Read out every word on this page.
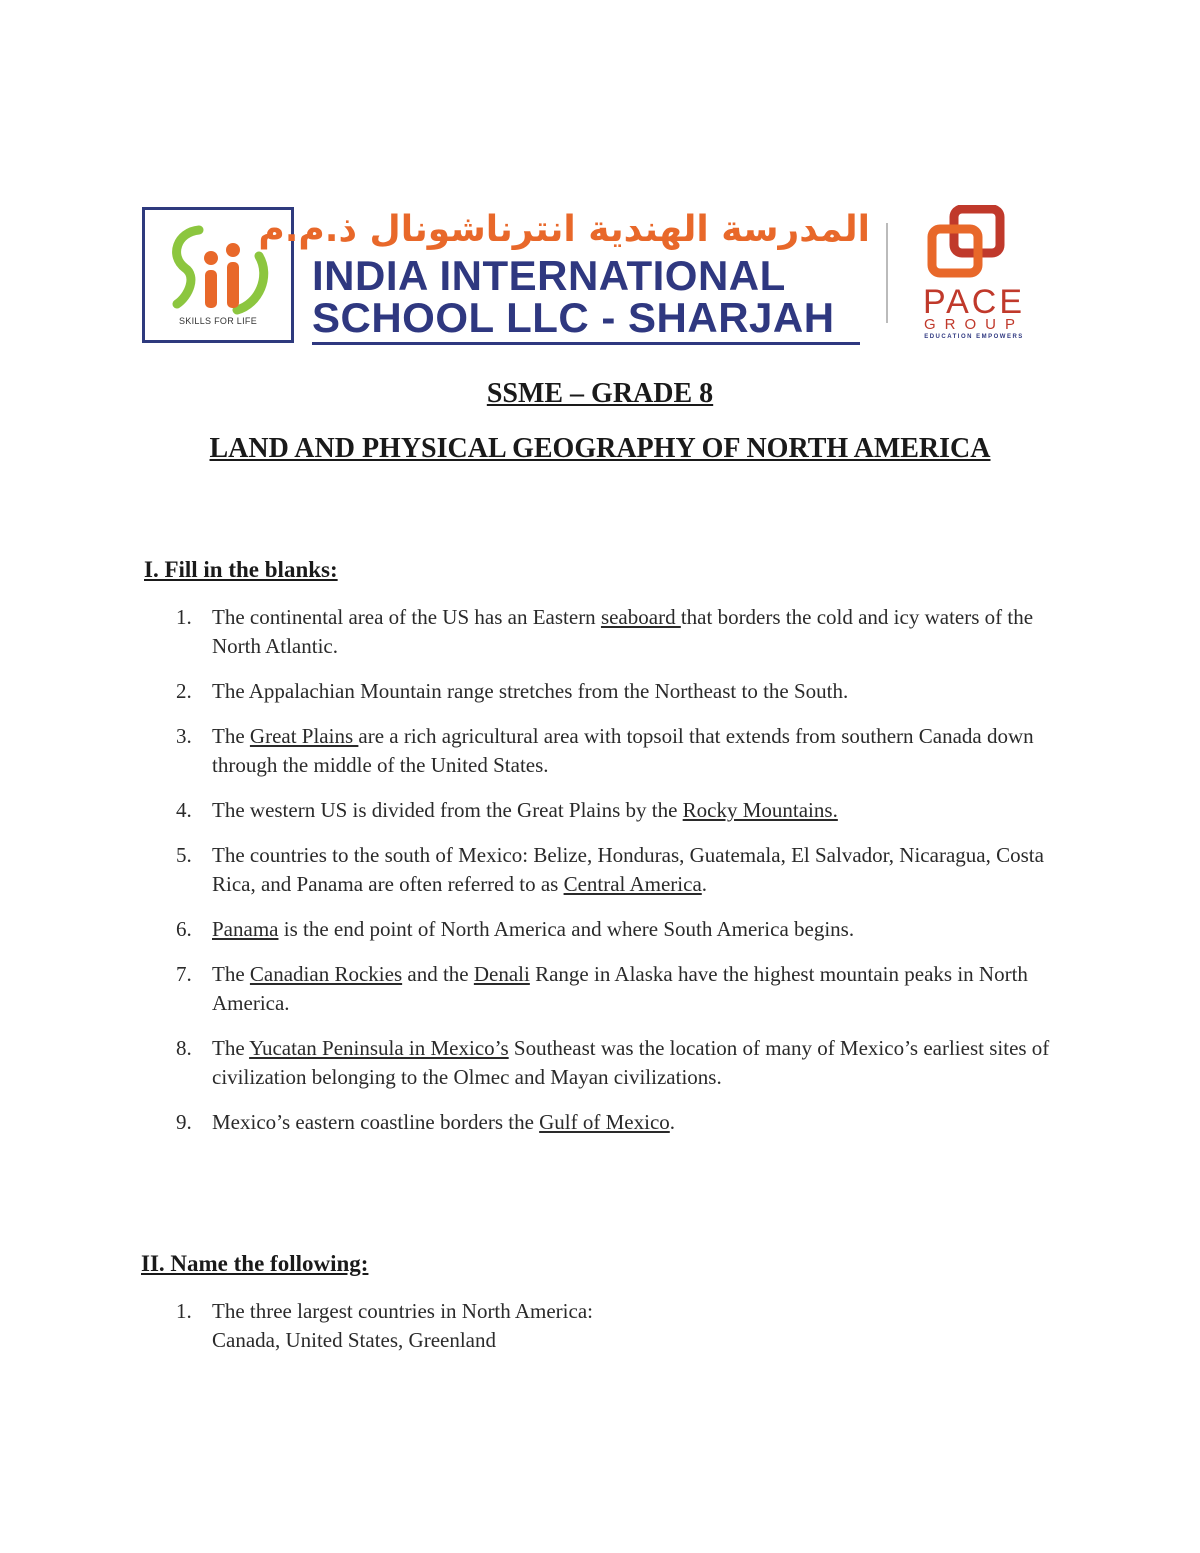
SKILLS FOR LIFE
المدرسة الهندية انترناشونال ذ.م.م
INDIA INTERNATIONAL
SCHOOL LLC - SHARJAH	PACE
GROUP
EDUCATION EMPOWERS
SSME – GRADE 8
LAND AND PHYSICAL GEOGRAPHY OF NORTH AMERICA
I. Fill in the blanks:
1. The continental area of the US has an Eastern seaboard that borders the cold and icy waters of the North Atlantic.
2. The Appalachian Mountain range stretches from the Northeast to the South.
3. The Great Plains are a rich agricultural area with topsoil that extends from southern Canada down through the middle of the United States.
4. The western US is divided from the Great Plains by the Rocky Mountains.
5. The countries to the south of Mexico: Belize, Honduras, Guatemala, El Salvador, Nicaragua, Costa Rica, and Panama are often referred to as Central America.
6. Panama is the end point of North America and where South America begins.
7. The Canadian Rockies and the Denali Range in Alaska have the highest mountain peaks in North America.
8. The Yucatan Peninsula in Mexico’s Southeast was the location of many of Mexico’s earliest sites of civilization belonging to the Olmec and Mayan civilizations.
9. Mexico’s eastern coastline borders the Gulf of Mexico.
II. Name the following:
1. The three largest countries in North America:
Canada, United States, Greenland
